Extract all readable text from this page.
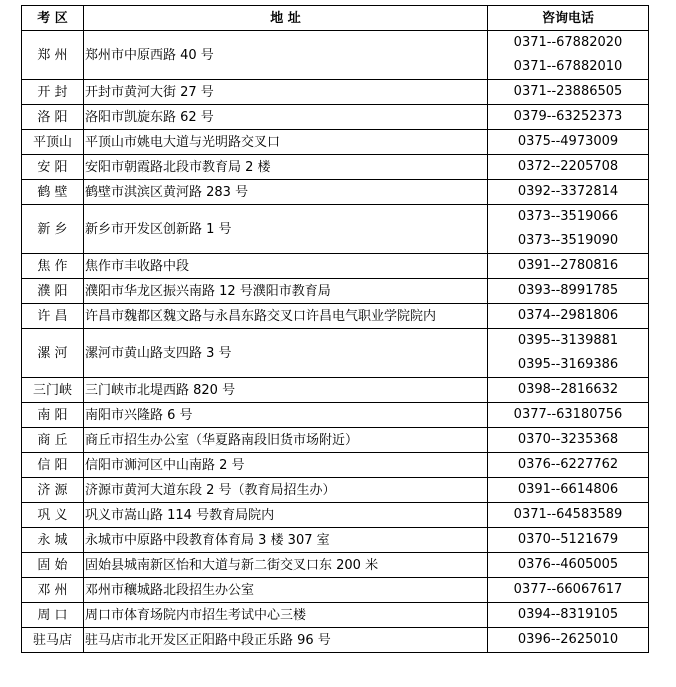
考 区	地 址	咨询电话
郑 州	郑州市中原西路 40 号	0371--67882020
0371--67882010

开 封	开封市黄河大街 27 号	0371--23886505

洛 阳	洛阳市凯旋东路 62 号	0379--63252373

平顶山	平顶山市姚电大道与光明路交叉口	0375--4973009

安 阳	安阳市朝霞路北段市教育局 2 楼	0372--2205708

鹤 壁	鹤壁市淇滨区黄河路 283 号	0392--3372814

新 乡	新乡市开发区创新路 1 号	0373--3519066
0373--3519090

焦 作	焦作市丰收路中段	0391--2780816

濮 阳	濮阳市华龙区振兴南路 12 号濮阳市教育局	0393--8991785

许 昌	许昌市魏都区魏文路与永昌东路交叉口许昌电气职业学院院内	0374--2981806

漯 河	漯河市黄山路支四路 3 号	0395--3139881
0395--3169386

三门峡	三门峡市北堤西路 820 号	0398--2816632

南 阳	南阳市兴隆路 6 号	0377--63180756

商 丘	商丘市招生办公室（华夏路南段旧货市场附近）	0370--3235368

信 阳	信阳市浉河区中山南路 2 号	0376--6227762

济 源	济源市黄河大道东段 2 号（教育局招生办）	0391--6614806

巩 义	巩义市嵩山路 114 号教育局院内	0371--64583589

永 城	永城市中原路中段教育体育局 3 楼 307 室	0370--5121679

固 始	固始县城南新区怡和大道与新二街交叉口东 200 米	0376--4605005

邓 州	邓州市穰城路北段招生办公室	0377--66067617

周 口	周口市体育场院内市招生考试中心三楼	0394--8319105

驻马店	驻马店市北开发区正阳路中段正乐路 96 号	0396--2625010
